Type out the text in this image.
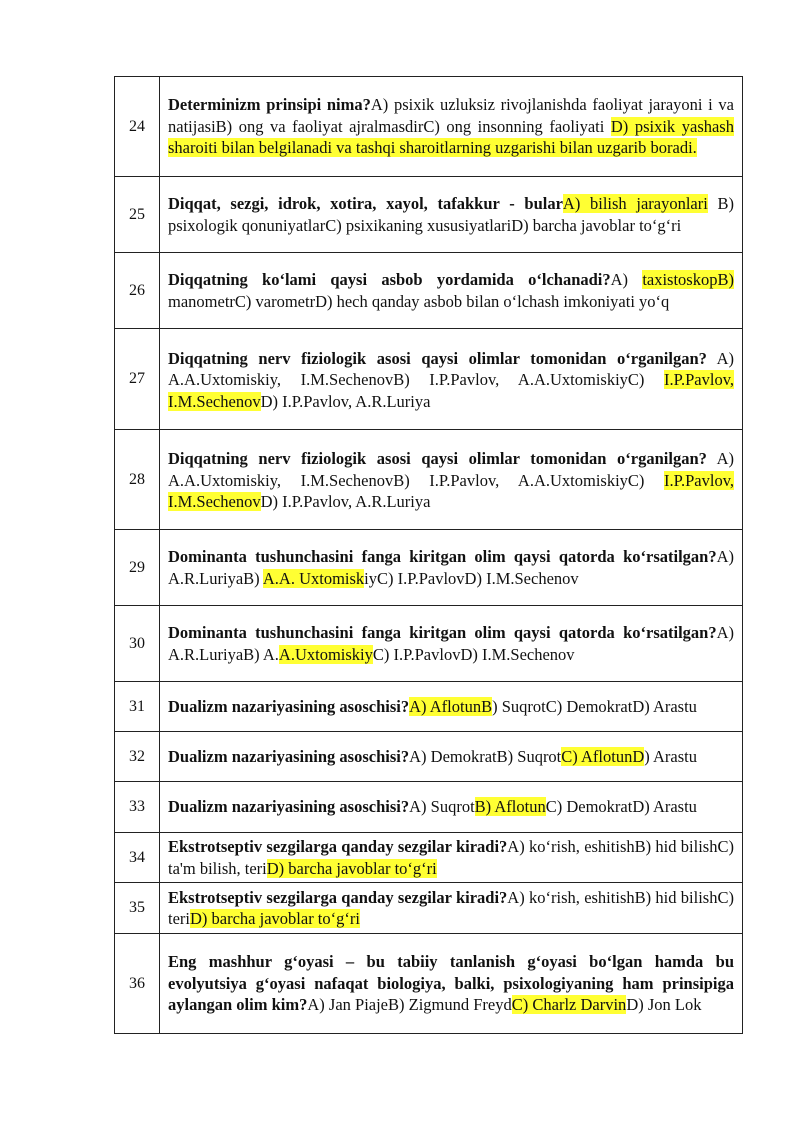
24	Determinizm prinsipi nima?A) psixik uzluksiz rivojlanishda faoliyat jarayoni i va natijasiB) ong va faoliyat ajralmasdirC) ong insonning faoliyati D) psixik yashash sharoiti bilan belgilanadi va tashqi sharoitlarning uzgarishi bilan uzgarib boradi.
25	Diqqat, sezgi, idrok, xotira, xayol, tafakkur - bularA) bilish jarayonlari B) psixologik qonuniyatlarC) psixikaning xususiyatlariD) barcha javoblar to‘g‘ri
26	Diqqatning ko‘lami qaysi asbob yordamida o‘lchanadi?A) taxistoskopB) manometrC) varometrD) hech qanday asbob bilan o‘lchash imkoniyati yo‘q
27	Diqqatning nerv fiziologik asosi qaysi olimlar tomonidan o‘rganilgan? A) A.A.Uxtomiskiy, I.M.SechenovB) I.P.Pavlov, A.A.UxtomiskiyC) I.P.Pavlov, I.M.SechenovD) I.P.Pavlov, A.R.Luriya
28	Diqqatning nerv fiziologik asosi qaysi olimlar tomonidan o‘rganilgan? A) A.A.Uxtomiskiy, I.M.SechenovB) I.P.Pavlov, A.A.UxtomiskiyC) I.P.Pavlov, I.M.SechenovD) I.P.Pavlov, A.R.Luriya
29	Dominanta tushunchasini fanga kiritgan olim qaysi qatorda ko‘rsatilgan?A) A.R.LuriyaB) A.A. UxtomiskiyC) I.P.PavlovD) I.M.Sechenov
30	Dominanta tushunchasini fanga kiritgan olim qaysi qatorda ko‘rsatilgan?A) A.R.LuriyaB) A.A.UxtomiskiyC) I.P.PavlovD) I.M.Sechenov
31	Dualizm nazariyasining asoschisi?A) AflotunB) SuqrotC) DemokratD) Arastu
32	Dualizm nazariyasining asoschisi?A) DemokratB) SuqrotC) AflotunD) Arastu
33	Dualizm nazariyasining asoschisi?A) SuqrotB) AflotunC) DemokratD) Arastu
34	Ekstrotseptiv sezgilarga qanday sezgilar kiradi?A) ko‘rish, eshitishB) hid bilishC) ta'm bilish, teriD) barcha javoblar to‘g‘ri
35	Ekstrotseptiv sezgilarga qanday sezgilar kiradi?A) ko‘rish, eshitishB) hid bilishC) teriD) barcha javoblar to‘g‘ri
36	Eng mashhur g‘oyasi – bu tabiiy tanlanish g‘oyasi bo‘lgan hamda bu evolyutsiya g‘oyasi nafaqat biologiya, balki, psixologiyaning ham prinsipiga aylangan olim kim?A) Jan PiajeB) Zigmund FreydC) Charlz DarvinD) Jon Lok
